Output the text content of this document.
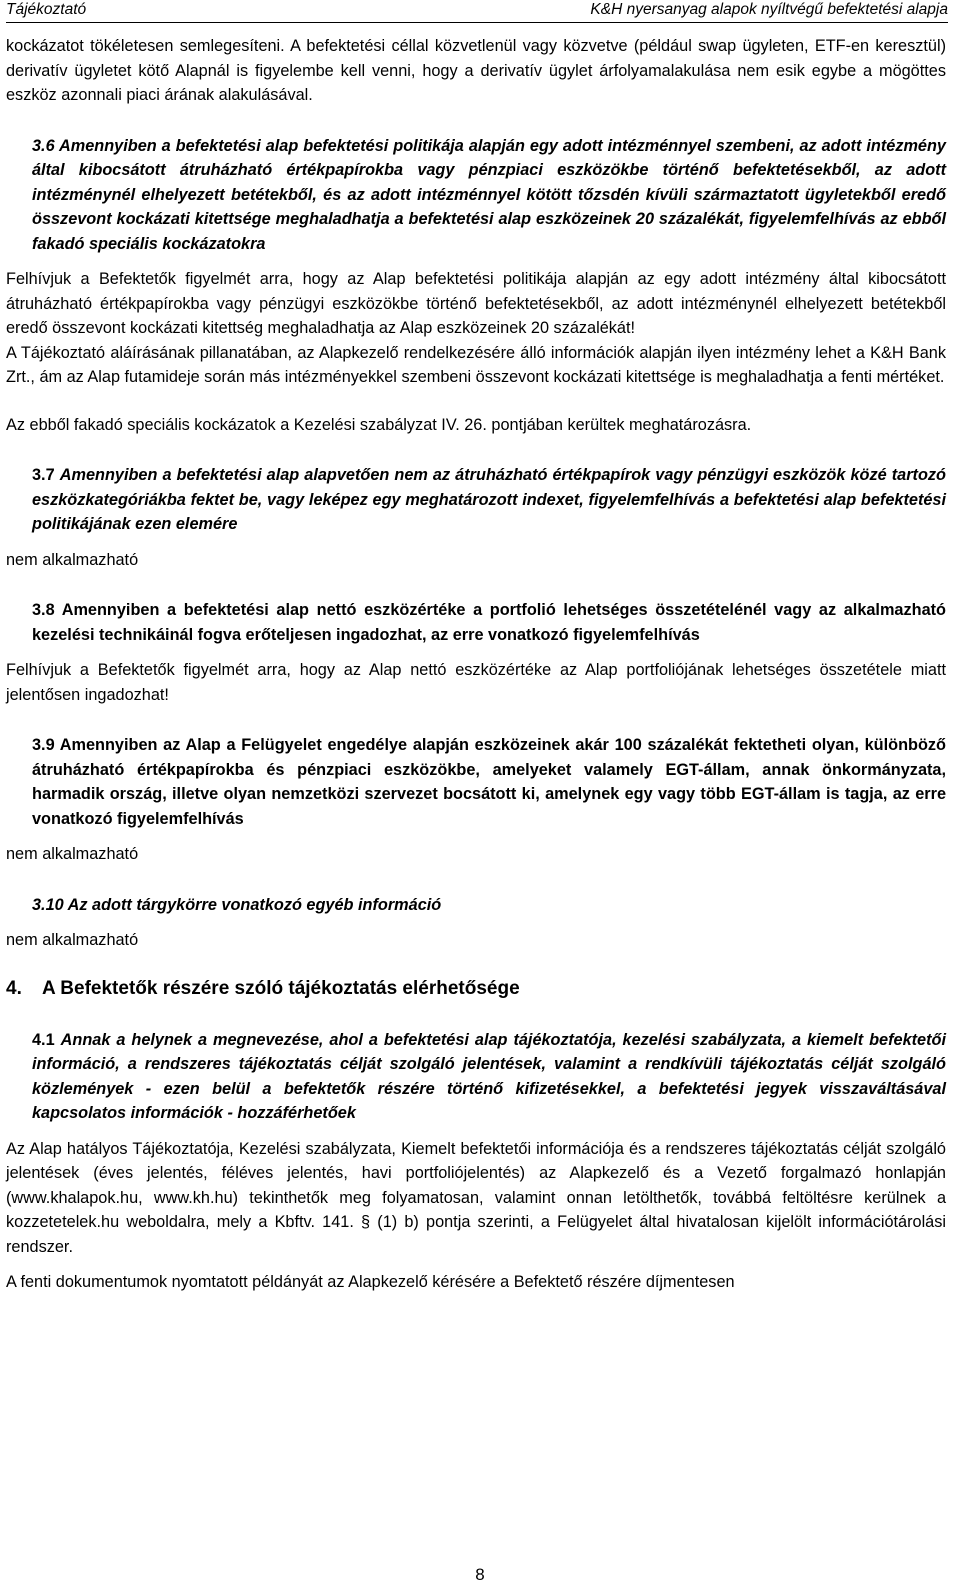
Tájékoztató	K&H nyersanyag alapok nyíltvégű befektetési alapja

kockázatot tökéletesen semlegesíteni. A befektetési céllal közvetlenül vagy közvetve (például swap ügyleten, ETF-en keresztül) derivatív ügyletet kötő Alapnál is figyelembe kell venni, hogy a derivatív ügylet árfolyamalakulása nem esik egybe a mögöttes eszköz azonnali piaci árának alakulásával.

3.6 Amennyiben a befektetési alap befektetési politikája alapján egy adott intézménnyel szembeni, az adott intézmény által kibocsátott átruházható értékpapírokba vagy pénzpiaci eszközökbe történő befektetésekből, az adott intézménynél elhelyezett betétekből, és az adott intézménnyel kötött tőzsdén kívüli származtatott ügyletekből eredő összevont kockázati kitettsége meghaladhatja a befektetési alap eszközeinek 20 százalékát, figyelemfelhívás az ebből fakadó speciális kockázatokra

Felhívjuk a Befektetők figyelmét arra, hogy az Alap befektetési politikája alapján az egy adott intézmény által kibocsátott átruházható értékpapírokba vagy pénzügyi eszközökbe történő befektetésekből, az adott intézménynél elhelyezett betétekből eredő összevont kockázati kitettség meghaladhatja az Alap eszközeinek 20 százalékát!

A Tájékoztató aláírásának pillanatában, az Alapkezelő rendelkezésére álló információk alapján ilyen intézmény lehet a K&H Bank Zrt., ám az Alap futamideje során más intézményekkel szembeni összevont kockázati kitettsége is meghaladhatja a fenti mértéket.

Az ebből fakadó speciális kockázatok a Kezelési szabályzat IV. 26. pontjában kerültek meghatározásra.

3.7 Amennyiben a befektetési alap alapvetően nem az átruházható értékpapírok vagy pénzügyi eszközök közé tartozó eszközkategóriákba fektet be, vagy leképez egy meghatározott indexet, figyelemfelhívás a befektetési alap befektetési politikájának ezen elemére

nem alkalmazható

3.8 Amennyiben a befektetési alap nettó eszközértéke a portfolió lehetséges összetételénél vagy az alkalmazható kezelési technikáinál fogva erőteljesen ingadozhat, az erre vonatkozó figyelemfelhívás

Felhívjuk a Befektetők figyelmét arra, hogy az Alap nettó eszközértéke az Alap portfoliójának lehetséges összetétele miatt jelentősen ingadozhat!

3.9 Amennyiben az Alap a Felügyelet engedélye alapján eszközeinek akár 100 százalékát fektetheti olyan, különböző átruházható értékpapírokba és pénzpiaci eszközökbe, amelyeket valamely EGT-állam, annak önkormányzata, harmadik ország, illetve olyan nemzetközi szervezet bocsátott ki, amelynek egy vagy több EGT-állam is tagja, az erre vonatkozó figyelemfelhívás

nem alkalmazható

3.10 Az adott tárgykörre vonatkozó egyéb információ

nem alkalmazható

4. A Befektetők részére szóló tájékoztatás elérhetősége

4.1 Annak a helynek a megnevezése, ahol a befektetési alap tájékoztatója, kezelési szabályzata, a kiemelt befektetői információ, a rendszeres tájékoztatás célját szolgáló jelentések, valamint a rendkívüli tájékoztatás célját szolgáló közlemények - ezen belül a befektetők részére történő kifizetésekkel, a befektetési jegyek visszaváltásával kapcsolatos információk - hozzáférhetőek

Az Alap hatályos Tájékoztatója, Kezelési szabályzata, Kiemelt befektetői információja és a rendszeres tájékoztatás célját szolgáló jelentések (éves jelentés, féléves jelentés, havi portfoliójelentés) az Alapkezelő és a Vezető forgalmazó honlapján (www.khalapok.hu, www.kh.hu) tekinthetők meg folyamatosan, valamint onnan letölthetők, továbbá feltöltésre kerülnek a kozzetetelek.hu weboldalra, mely a Kbftv. 141. § (1) b) pontja szerinti, a Felügyelet által hivatalosan kijelölt információtárolási rendszer.

A fenti dokumentumok nyomtatott példányát az Alapkezelő kérésére a Befektető részére díjmentesen

8
